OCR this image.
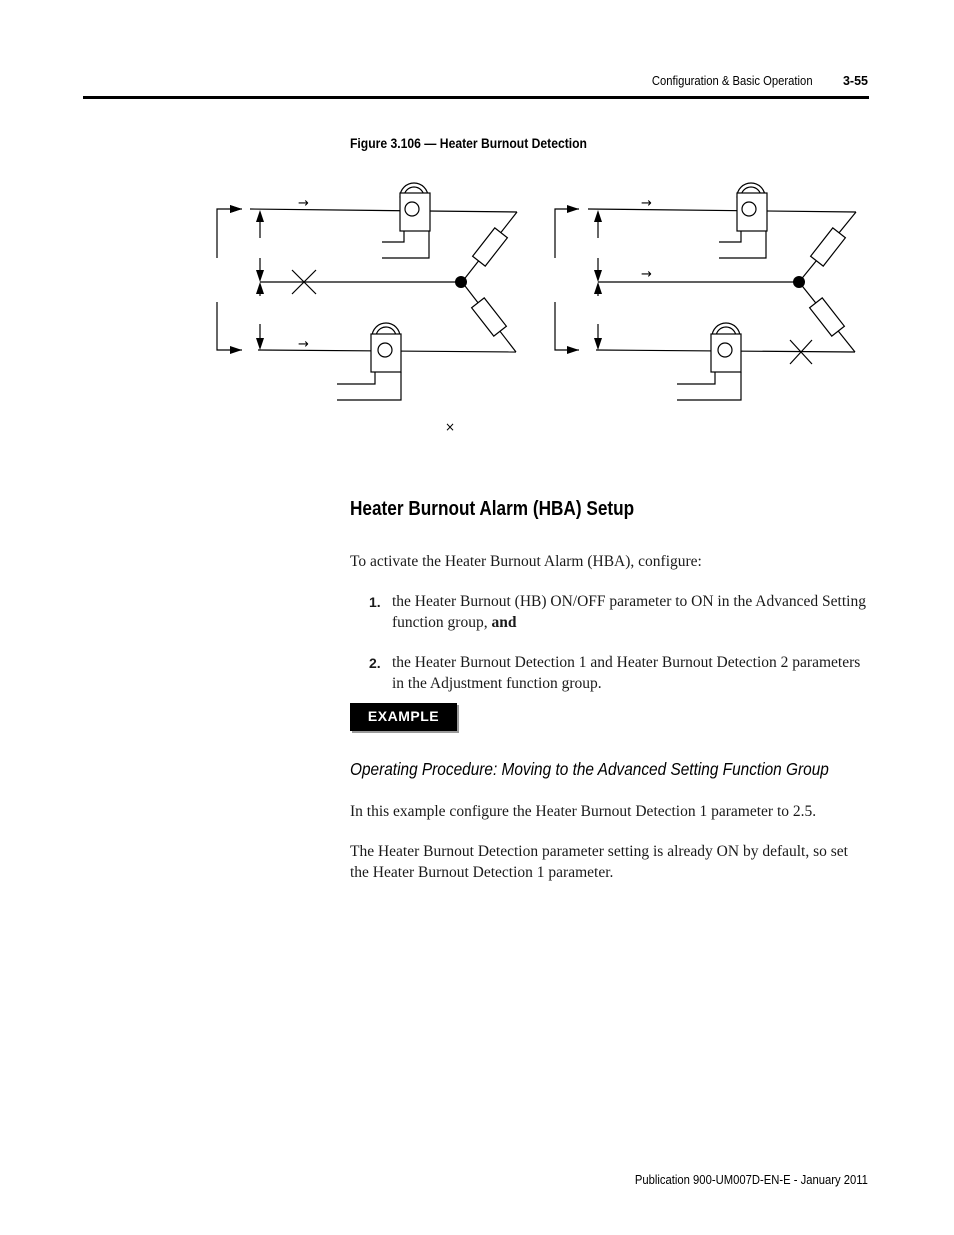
Configuration & Basic Operation 3-55
Figure 3.106 — Heater Burnout Detection
→
→
→
→
×
Heater Burnout Alarm (HBA) Setup
To activate the Heater Burnout Alarm (HBA), configure:
1. the Heater Burnout (HB) ON/OFF parameter to ON in the Advanced Setting function group, and
2. the Heater Burnout Detection 1 and Heater Burnout Detection 2 parameters in the Adjustment function group.
EXAMPLE
Operating Procedure: Moving to the Advanced Setting Function Group
In this example configure the Heater Burnout Detection 1 parameter to 2.5.
The Heater Burnout Detection parameter setting is already ON by default, so set the Heater Burnout Detection 1 parameter.
Publication 900-UM007D-EN-E - January 2011
